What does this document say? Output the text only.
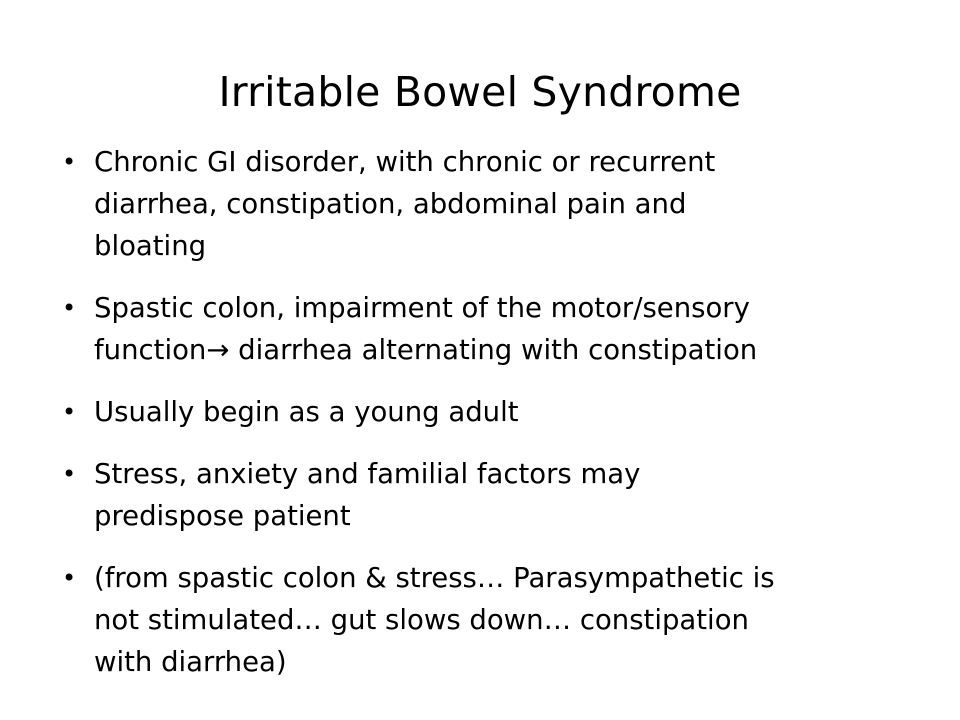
Irritable Bowel Syndrome
• Chronic GI disorder, with chronic or recurrent
diarrhea, constipation, abdominal pain and
bloating
• Spastic colon, impairment of the motor/sensory
function→ diarrhea alternating with constipation
• Usually begin as a young adult
• Stress, anxiety and familial factors may
predispose patient
• (from spastic colon & stress… Parasympathetic is
not stimulated… gut slows down… constipation
with diarrhea)
